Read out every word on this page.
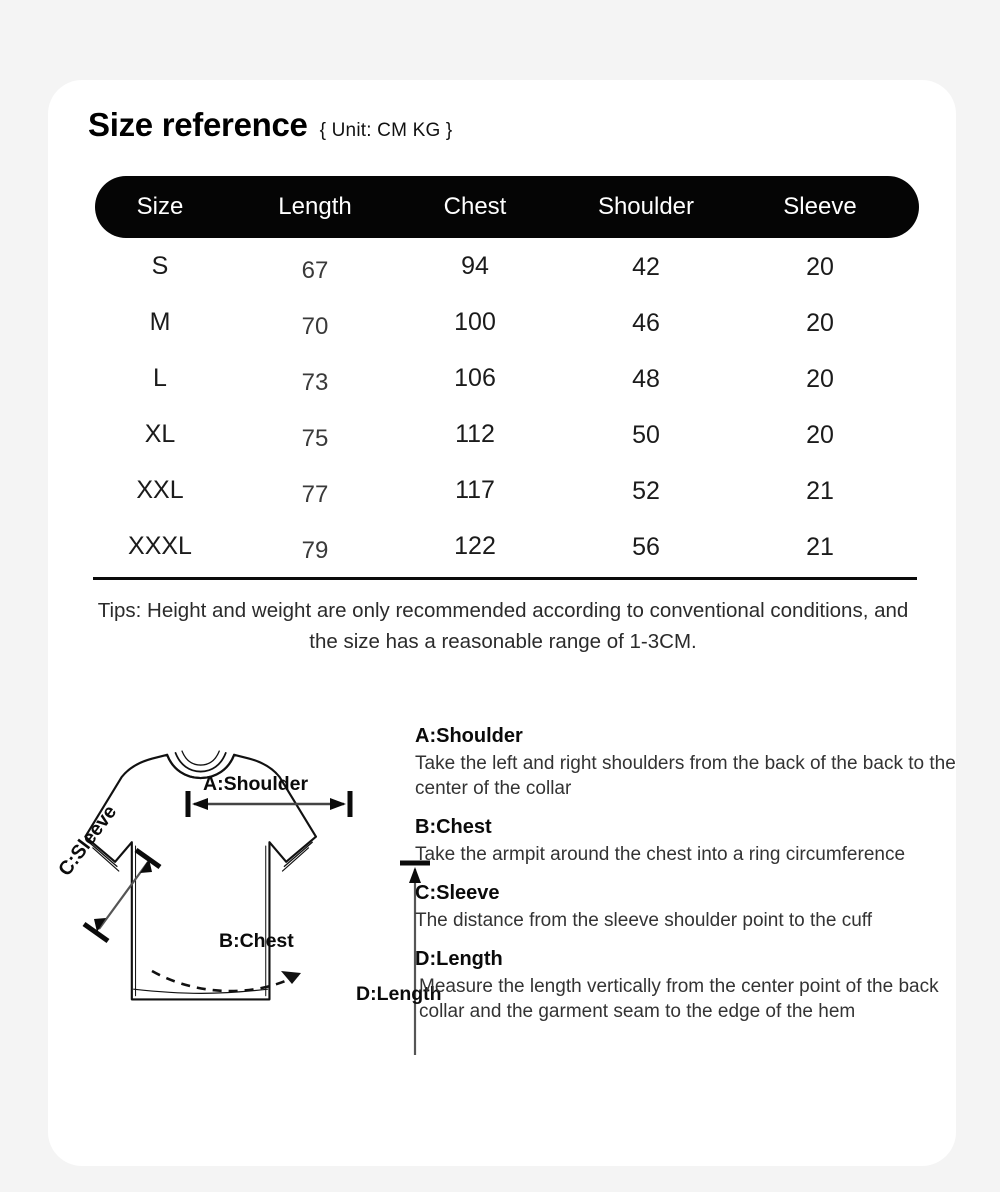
Size reference { Unit: CM KG }
Size	Length	Chest	Shoulder	Sleeve
S	67	94	42	20
M	70	100	46	20
L	73	106	48	20
XL	75	112	50	20
XXL	77	117	52	21
XXXL	79	122	56	21
Tips: Height and weight are only recommended according to conventional conditions, and the size has a reasonable range of 1-3CM.
A:Shoulder
B:Chest
C:Sleeve
D:Length
A:Shoulder
Take the left and right shoulders from the back of the back to the center of the collar
B:Chest
Take the armpit around the chest into a ring circumference
C:Sleeve
The distance from the sleeve shoulder point to the cuff
D:Length
Measure the length vertically from the center point of the back collar and the garment seam to the edge of the hem
